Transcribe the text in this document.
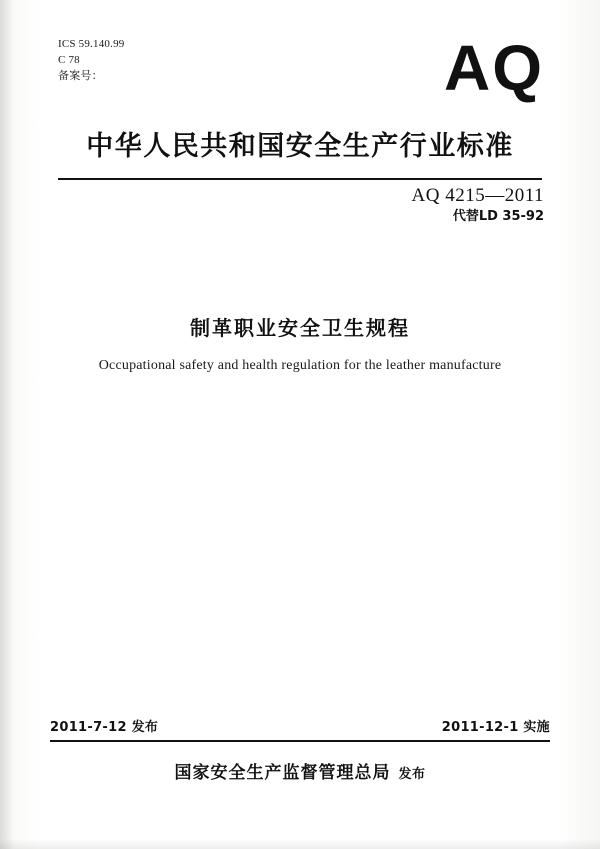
ICS 59.140.99
C 78
备案号：	AQ
中华人民共和国安全生产行业标准
AQ 4215—2011
代替LD 35-92
制革职业安全卫生规程
Occupational safety and health regulation for the leather manufacture
2011-7-12 发布	2011-12-1 实施
国家安全生产监督管理总局 发布
